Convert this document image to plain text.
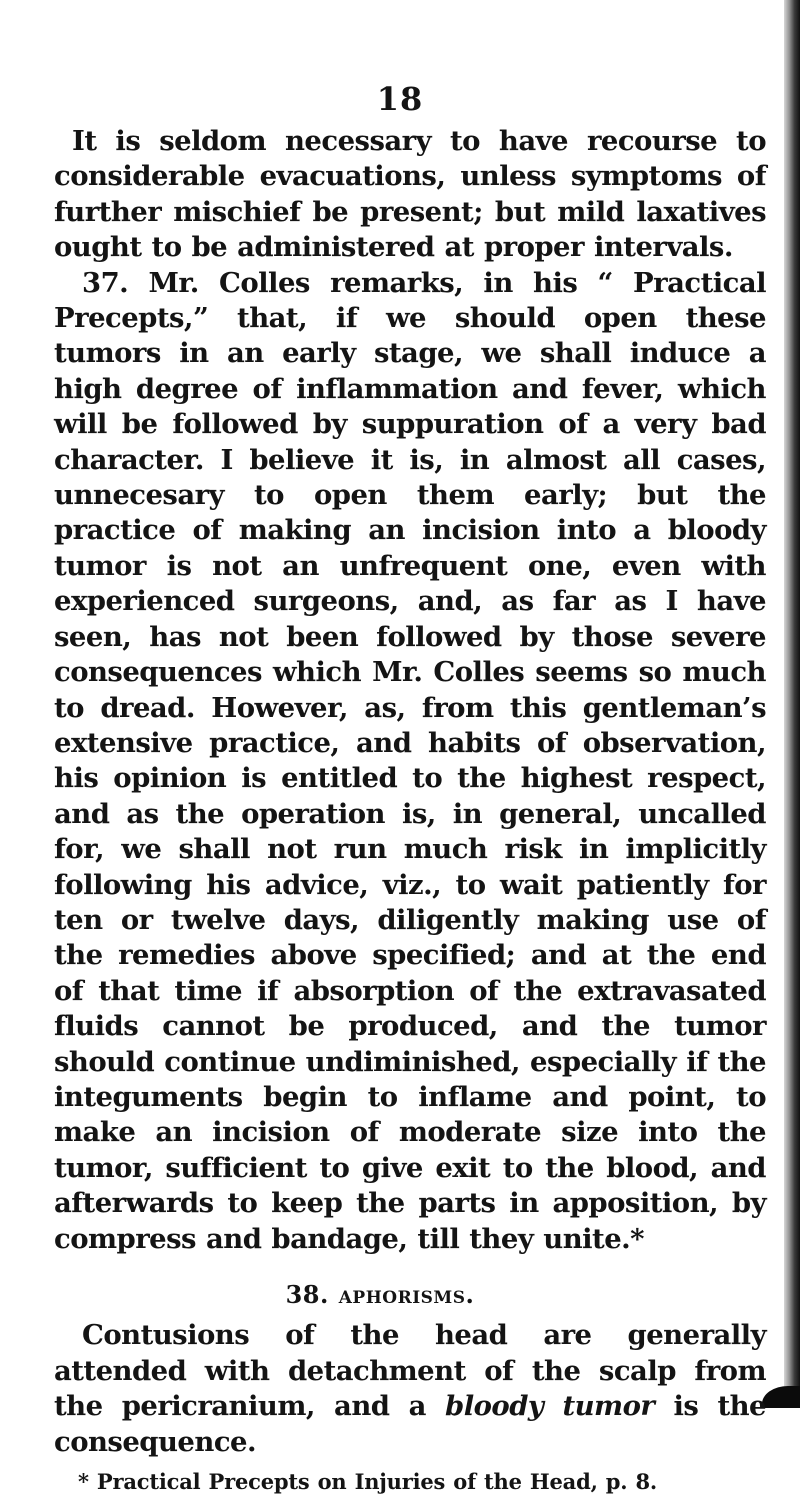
18

It is seldom necessary to have recourse to considerable evacuations, unless symptoms of further mischief be present; but mild laxatives ought to be administered at proper intervals.

37. Mr. Colles remarks, in his “ Practical Precepts,” that, if we should open these tumors in an early stage, we shall induce a high degree of inflammation and fever, which will be followed by suppuration of a very bad character. I believe it is, in almost all cases, unnecesary to open them early; but the practice of making an incision into a bloody tumor is not an unfrequent one, even with experienced surgeons, and, as far as I have seen, has not been followed by those severe consequences which Mr. Colles seems so much to dread. However, as, from this gentleman’s extensive practice, and habits of observation, his opinion is entitled to the highest respect, and as the operation is, in general, uncalled for, we shall not run much risk in implicitly following his advice, viz., to wait patiently for ten or twelve days, diligently making use of the remedies above specified; and at the end of that time if absorption of the extravasated fluids cannot be produced, and the tumor should continue undiminished, especially if the integuments begin to inflame and point, to make an incision of moderate size into the tumor, sufficient to give exit to the blood, and afterwards to keep the parts in apposition, by compress and bandage, till they unite.*

38. aphorisms.

Contusions of the head are generally attended with detachment of the scalp from the pericranium, and a bloody tumor is the consequence.

* Practical Precepts on Injuries of the Head, p. 8.
